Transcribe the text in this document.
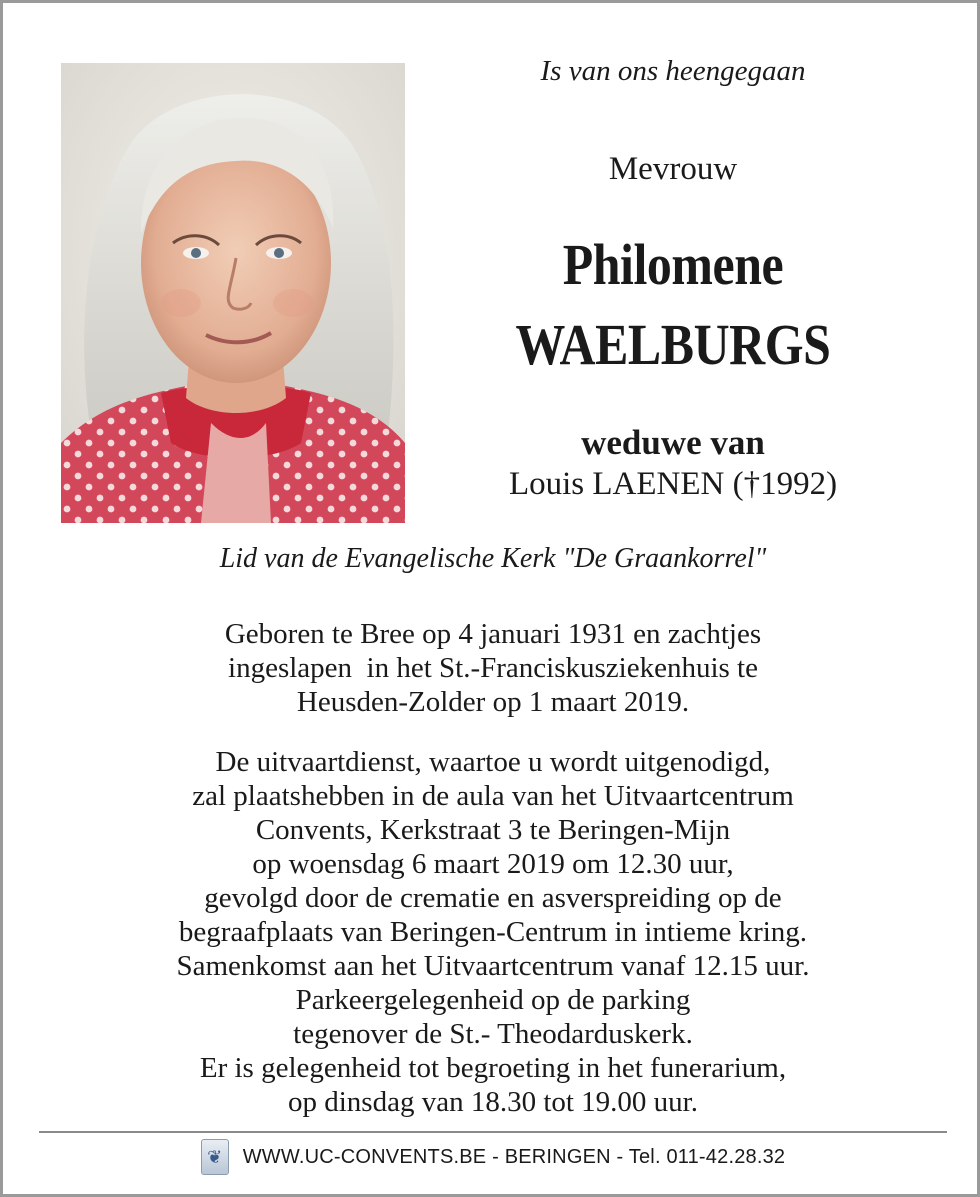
Is van ons heengegaan
Mevrouw
Philomene
WAELBURGS
weduwe van
Louis LAENEN (†1992)
Lid van de Evangelische Kerk "De Graankorrel"
Geboren te Bree op 4 januari 1931 en zachtjes
ingeslapen  in het St.-Franciskusziekenhuis te
Heusden-Zolder op 1 maart 2019.
De uitvaartdienst, waartoe u wordt uitgenodigd,
zal plaatshebben in de aula van het Uitvaartcentrum
Convents, Kerkstraat 3 te Beringen-Mijn
op woensdag 6 maart 2019 om 12.30 uur,
gevolgd door de crematie en asverspreiding op de
begraafplaats van Beringen-Centrum in intieme kring.
Samenkomst aan het Uitvaartcentrum vanaf 12.15 uur.
Parkeergelegenheid op de parking
tegenover de St.- Theodarduskerk.
Er is gelegenheid tot begroeting in het funerarium,
op dinsdag van 18.30 tot 19.00 uur.
❦	WWW.UC-CONVENTS.BE - BERINGEN - Tel. 011-42.28.32
